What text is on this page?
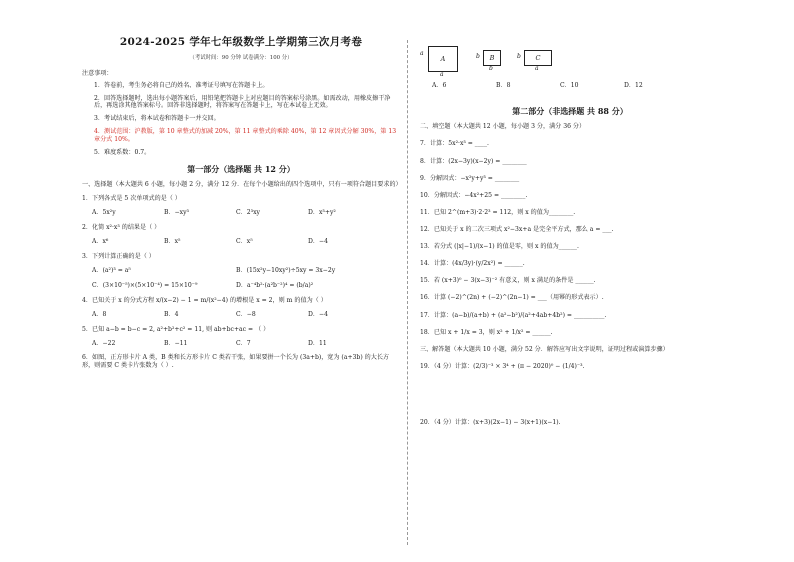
2024-2025 学年七年级数学上学期第三次月考卷
（考试时间：90 分钟 试卷满分：100 分）
注意事项：
1．答卷前，考生务必将自己的姓名、准考证号填写在答题卡上。
2．回答选择题时，选出每小题答案后，用铅笔把答题卡上对应题目的答案标号涂黑。如需改动，用橡皮擦干净后，再选涂其他答案标号。回答非选择题时，将答案写在答题卡上，写在本试卷上无效。
3．考试结束后，将本试卷和答题卡一并交回。
4．测试范围：沪教版，第 10 章整式的加减 20%，第 11 章整式的乘除 40%，第 12 章因式分解 30%，第 13 章分式 10%。
5．难度系数：0.7。
第一部分（选择题 共 12 分）
一、选择题（本大题共 6 小题，每小题 2 分，满分 12 分．在每个小题给出的四个选项中，只有一项符合题目要求的）
1．下列各式是 5 次单项式的是（ ）
A．5x²y	B．−xy³	C．2³xy	D．x³+y²
2．化简 x²·x³ 的结果是（ ）
A．x⁶	B．x⁵	C．x⁵	D．−4
3．下列计算正确的是（ ）
A．(a²)³ = a⁵	B．(15x²y−10xy²)÷5xy = 3x−2y
C．(3×10⁻⁵)×(5×10⁻⁴) = 15×10⁻⁹	D．a⁻⁴b²·(a²b⁻²)⁴ = (b/a)²
4．已知关于 x 的分式方程 x/(x−2) − 1 = m/(x²−4) 的增根是 x = 2，则 m 的值为（ ）
A．8	B．4	C．−8	D．−4
5．已知 a−b = b−c = 2, a²+b²+c² = 11, 则 ab+bc+ac = （ ）
A．−22	B．−11	C．7	D．11
6．如图，正方形卡片 A 类，B 类和长方形卡片 C 类若干张，如果要拼一个长为 (3a+b)，宽为 (a+3b) 的大长方形，则需要 C 类卡片张数为（ ）.
a
A
a
b	B
b
b	C
a
A．6	B．8	C．10	D．12
第二部分（非选择题 共 88 分）
二、填空题（本大题共 12 小题，每小题 3 分，满分 36 分）
7．计算：5x²·x³ = ____.
8．计算：(2x−3y)(x−2y) = ________
9．分解因式：−x²y+y³ = ________
10．分解因式：−4x²+25 = ________.
11．已知 2^(m+3)·2·2³ = 112，则 x 的值为________.
12．已知关于 x 的二次三项式 x²−3x+a 是完全平方式，那么 a = ___.
13．若分式 (|x|−1)/(x−1) 的值是零，则 x 的值为______.
14．计算：(4x/3y)·(y/2x²) = ______.
15．若 (x+3)⁰ − 3(x−3)⁻² 有意义，则 x 满足的条件是 ______.
16．计算 (−2)^(2n) + (−2)^(2n−1) = ___（用幂的形式表示）.
17．计算：(a−b)/(a+b) + (a²−b²)/(a²+4ab+4b²) = __________.
18．已知 x + 1/x = 3，则 x² + 1/x² = ______.
三、解答题（本大题共 10 小题，满分 52 分．解答应写出文字说明，证明过程或演算步骤）
19．（4 分）计算：(2/3)⁻³ × 3⁴ + (π − 2020)⁰ − (1/4)⁻³.
20．（4 分）计算：(x+3)(2x−1) − 3(x+1)(x−1).
